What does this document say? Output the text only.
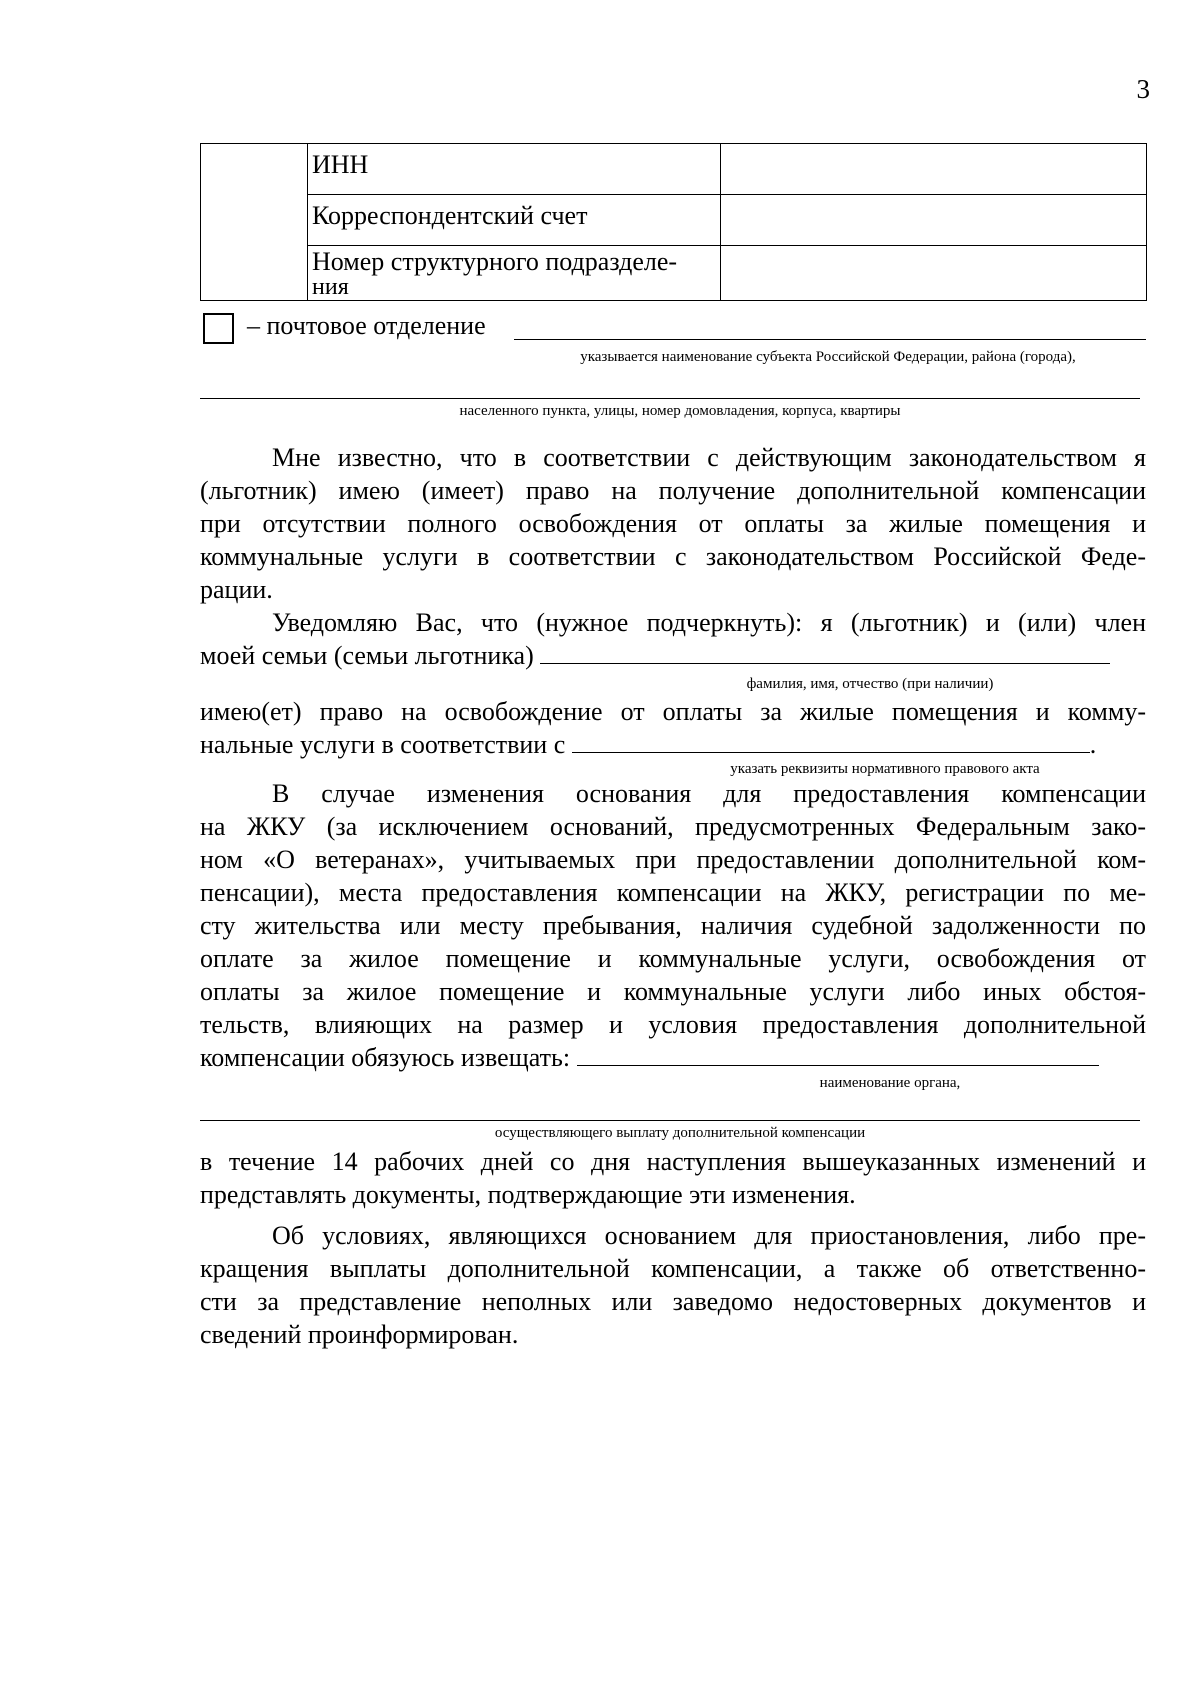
3

	ИНН	

	Корреспондентский счет	

	Номер структурного подразделе-
ния	

– почтовое отделение
указывается наименование субъекта Российской Федерации, района (города),
населенного пункта, улицы, номер домовладения, корпуса, квартиры
Мне известно, что в соответствии с действующим законодательством я
(льготник) имею (имеет) право на получение дополнительной компенсации
при отсутствии полного освобождения от оплаты за жилые помещения и
коммунальные услуги в соответствии с законодательством Российской Феде-
рации.
Уведомляю Вас, что (нужное подчеркнуть): я (льготник) и (или) член
моей семьи (семьи льготника)
фамилия, имя, отчество (при наличии)
имею(ет) право на освобождение от оплаты за жилые помещения и комму-
нальные услуги в соответствии с	.
указать реквизиты нормативного правового акта
В случае изменения основания для предоставления компенсации
на ЖКУ (за исключением оснований, предусмотренных Федеральным зако-
ном «О ветеранах», учитываемых при предоставлении дополнительной ком-
пенсации), места предоставления компенсации на ЖКУ, регистрации по ме-
сту жительства или месту пребывания, наличия судебной задолженности по
оплате за жилое помещение и коммунальные услуги, освобождения от
оплаты за жилое помещение и коммунальные услуги либо иных обстоя-
тельств, влияющих на размер и условия предоставления дополнительной
компенсации обязуюсь извещать:
наименование органа,
осуществляющего выплату дополнительной компенсации
в течение 14 рабочих дней со дня наступления вышеуказанных изменений и
представлять документы, подтверждающие эти изменения.
Об условиях, являющихся основанием для приостановления, либо пре-
кращения выплаты дополнительной компенсации, а также об ответственно-
сти за представление неполных или заведомо недостоверных документов и
сведений проинформирован.
